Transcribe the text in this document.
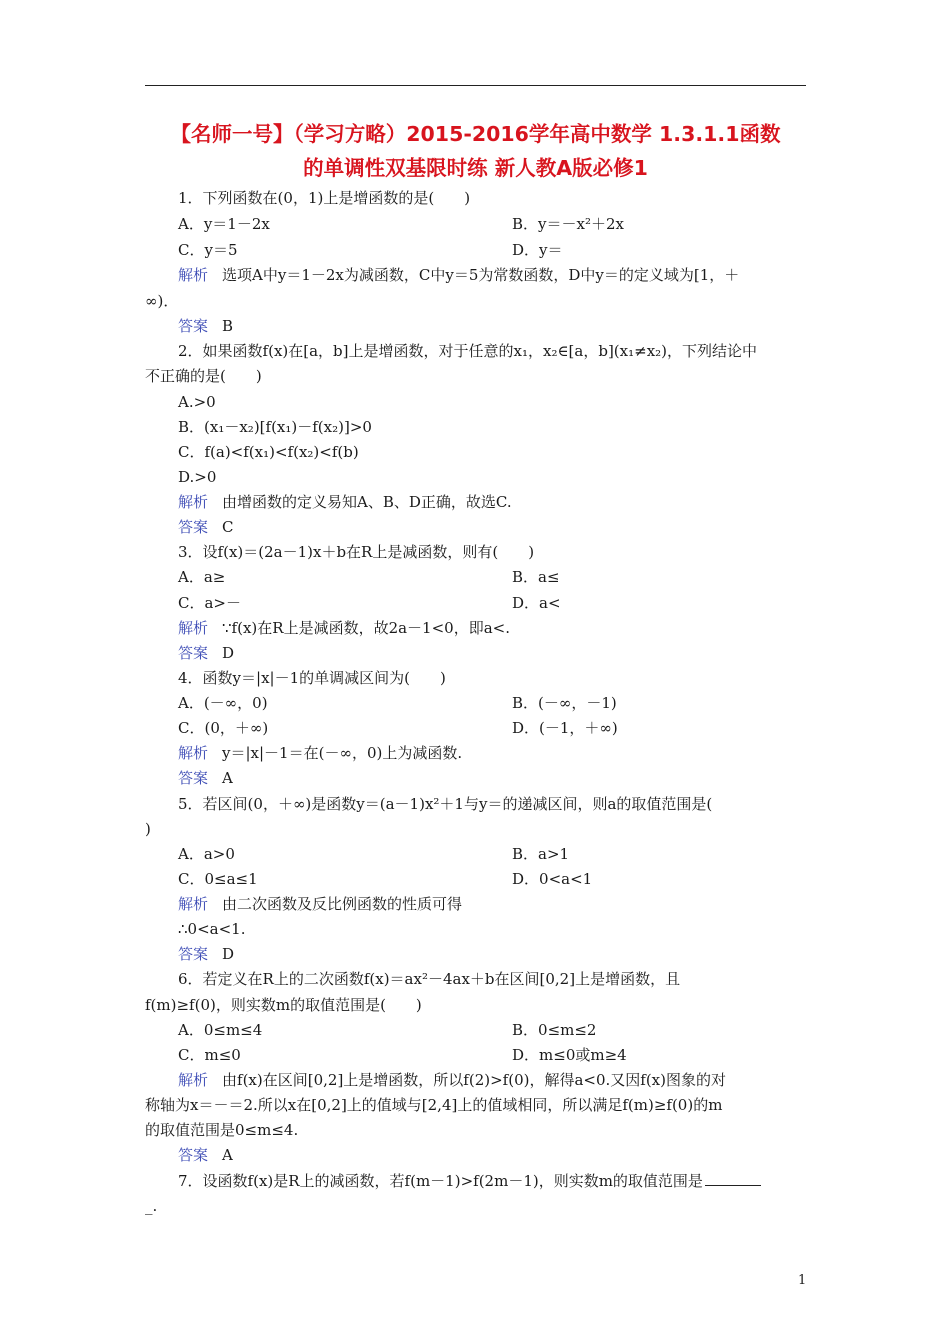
【名师一号】（学习方略）2015-2016学年高中数学 1.3.1.1函数
的单调性双基限时练 新人教A版必修1
1．下列函数在(0，1)上是增函数的是(　　)
A．y＝1－2x	B．y＝－x²＋2x
C．y＝5	D．y＝
解析 选项A中y＝1－2x为减函数，C中y＝5为常数函数，D中y＝的定义域为[1，＋
∞)．
答案 B
2．如果函数f(x)在[a，b]上是增函数，对于任意的x₁，x₂∈[a，b](x₁≠x₂)，下列结论中
不正确的是(　　)
A.>0
B．(x₁－x₂)[f(x₁)－f(x₂)]>0
C．f(a)<f(x₁)<f(x₂)<f(b)
D.>0
解析 由增函数的定义易知A、B、D正确，故选C.
答案 C
3．设f(x)＝(2a－1)x＋b在R上是减函数，则有(　　)
A．a≥	B．a≤
C．a>－	D．a<
解析 ∵f(x)在R上是减函数，故2a－1<0，即a<.
答案 D
4．函数y＝|x|－1的单调减区间为(　　)
A．(－∞，0)	B．(－∞，－1)
C．(0，＋∞)	D．(－1，＋∞)
解析 y＝|x|－1＝在(－∞，0)上为减函数.
答案 A
5．若区间(0，＋∞)是函数y＝(a－1)x²＋1与y＝的递减区间，则a的取值范围是(
)
A．a>0	B．a>1
C．0≤a≤1	D．0<a<1
解析 由二次函数及反比例函数的性质可得
∴0<a<1.
答案 D
6．若定义在R上的二次函数f(x)＝ax²－4ax＋b在区间[0,2]上是增函数，且
f(m)≥f(0)，则实数m的取值范围是(　　)
A．0≤m≤4	B．0≤m≤2
C．m≤0	D．m≤0或m≥4
解析 由f(x)在区间[0,2]上是增函数，所以f(2)>f(0)，解得a<0.又因f(x)图象的对
称轴为x＝－＝2.所以x在[0,2]上的值域与[2,4]上的值域相同，所以满足f(m)≥f(0)的m
的取值范围是0≤m≤4.
答案 A
7．设函数f(x)是R上的减函数，若f(m－1)>f(2m－1)，则实数m的取值范围是
_.
1
